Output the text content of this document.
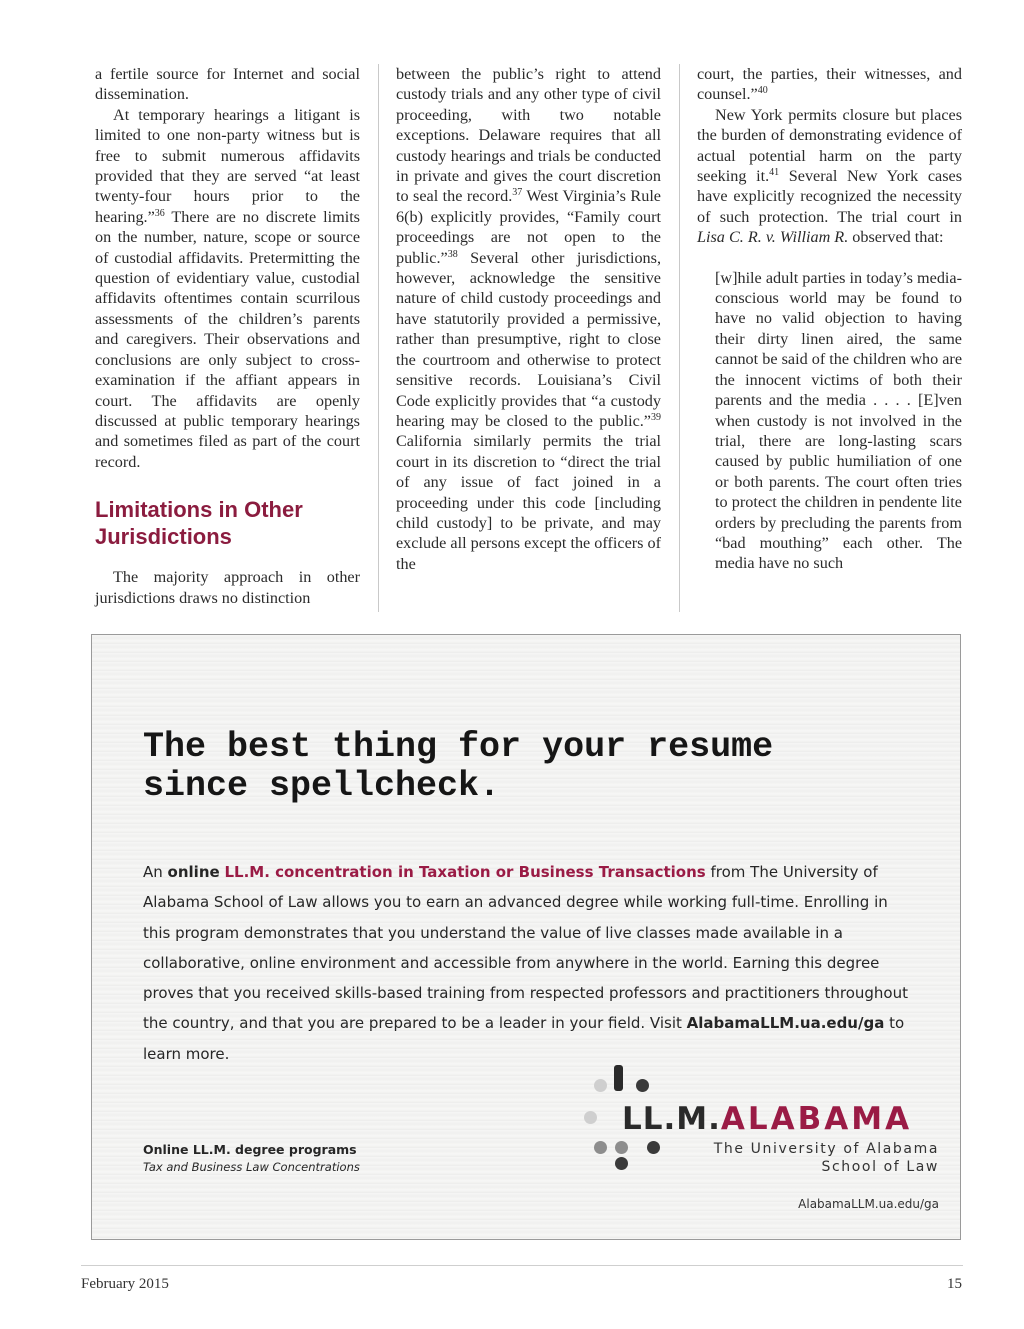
a fertile source for Internet and social dissemination.

At temporary hearings a litigant is limited to one non-party witness but is free to submit numerous affidavits provided that they are served “at least twenty-four hours prior to the hearing.”$^{36}$ There are no discrete limits on the number, nature, scope or source of custodial affidavits. Pretermitting the question of evidentiary value, custodial affidavits oftentimes contain scurrilous assessments of the children’s parents and caregivers. Their observations and conclusions are only subject to cross-examination if the affiant appears in court. The affidavits are openly discussed at public temporary hearings and sometimes filed as part of the court record.

Limitations in Other Jurisdictions

The majority approach in other jurisdictions draws no distinction

between the public’s right to attend custody trials and any other type of civil proceeding, with two notable exceptions. Delaware requires that all custody hearings and trials be conducted in private and gives the court discretion to seal the record.$^{37}$ West Virginia’s Rule 6(b) explicitly provides, “Family court proceedings are not open to the public.”$^{38}$ Several other jurisdictions, however, acknowledge the sensitive nature of child custody proceedings and have statutorily provided a permissive, rather than presumptive, right to close the courtroom and otherwise to protect sensitive records. Louisiana’s Civil Code explicitly provides that “a custody hearing may be closed to the public.”$^{39}$ California similarly permits the trial court in its discretion to “direct the trial of any issue of fact joined in a proceeding under this code [including child custody] to be private, and may exclude all persons except the officers of the

court, the parties, their witnesses, and counsel.”$^{40}$

New York permits closure but places the burden of demonstrating evidence of actual potential harm on the party seeking it.$^{41}$ Several New York cases have explicitly recognized the necessity of such protection. The trial court in Lisa C. R. v. William R. observed that:

[w]hile adult parties in today’s media-conscious world may be found to have no valid objection to having their dirty linen aired, the same cannot be said of the children who are the innocent victims of both their parents and the media . . . . [E]ven when custody is not involved in the trial, there are long-lasting scars caused by public humiliation of one or both parents. The court often tries to protect the children in pendente lite orders by precluding the parents from “bad mouthing” each other. The media have no such
The best thing for your resume
since spellcheck.

An online LL.M. concentration in Taxation or Business Transactions from The University of Alabama School of Law allows you to earn an advanced degree while working full-time. Enrolling in this program demonstrates that you understand the value of live classes made available in a collaborative, online environment and accessible from anywhere in the world. Earning this degree proves that you received skills-based training from respected professors and practitioners throughout the country, and that you are prepared to be a leader in your field. Visit AlabamaLLM.ua.edu/ga to learn more.

Online LL.M. degree programs
Tax and Business Law Concentrations
LL.M.ALABAMA
The University of Alabama
School of Law
AlabamaLLM.ua.edu/ga
February 2015	15
